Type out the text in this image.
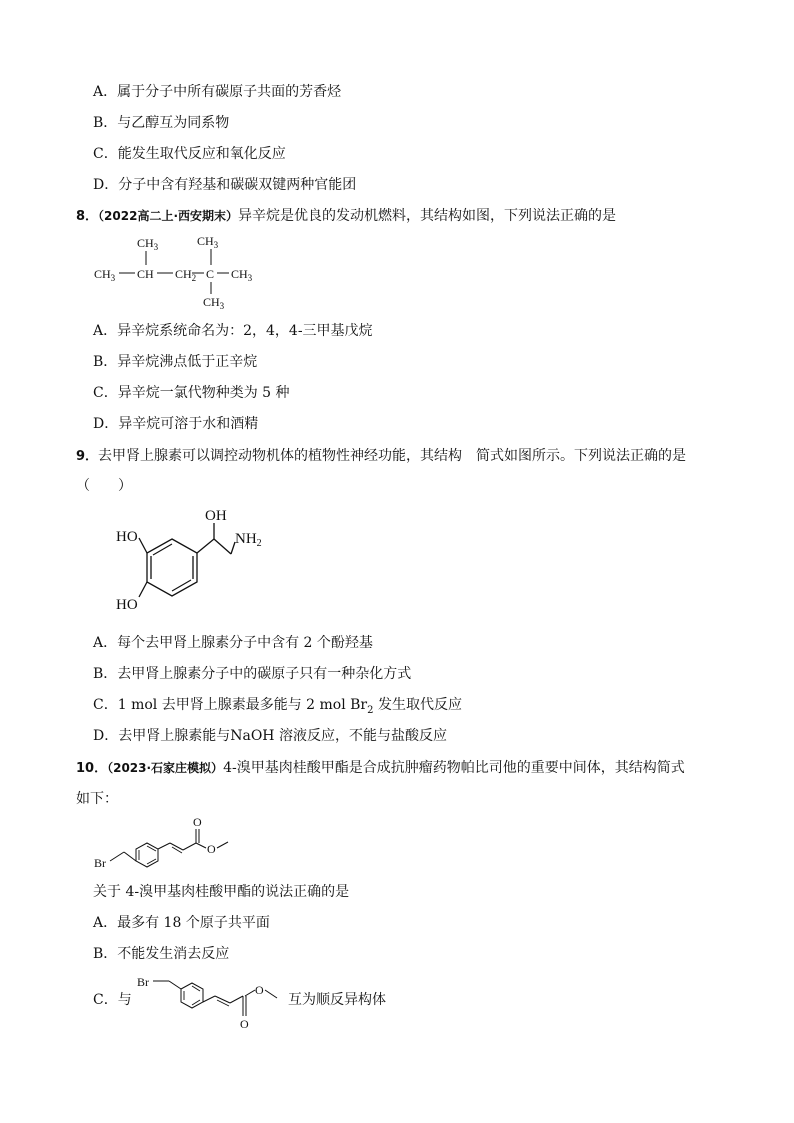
A．属于分子中所有碳原子共面的芳香烃
B．与乙醇互为同系物
C．能发生取代反应和氧化反应
D．分子中含有羟基和碳碳双键两种官能团
8．（2022高二上·西安期末）异辛烷是优良的发动机燃料，其结构如图，下列说法正确的是
$CH_3$	$CH_3$
$CH_3$ CH $CH_2$ C $CH_3$
$CH_3$
A．异辛烷系统命名为：2，4，4-三甲基戊烷
B．异辛烷沸点低于正辛烷
C．异辛烷一氯代物种类为 5 种
D．异辛烷可溶于水和酒精
9．去甲肾上腺素可以调控动物机体的植物性神经功能，其结构　简式如图所示。下列说法正确的是
（　　）
HO
HO
OH
$NH_2$
A．每个去甲肾上腺素分子中含有 2 个酚羟基
B．去甲肾上腺素分子中的碳原子只有一种杂化方式
C．1 mol 去甲肾上腺素最多能与 2 mol $Br_2$ 发生取代反应
D．去甲肾上腺素能与NaOH 溶液反应，不能与盐酸反应
10．（2023·石家庄模拟）4-溴甲基肉桂酸甲酯是合成抗肿瘤药物帕比司他的重要中间体，其结构简式
如下：
Br
O
O
关于 4-溴甲基肉桂酸甲酯的说法正确的是
A．最多有 18 个原子共平面
B．不能发生消去反应
C．与
Br
O
O
互为顺反异构体
